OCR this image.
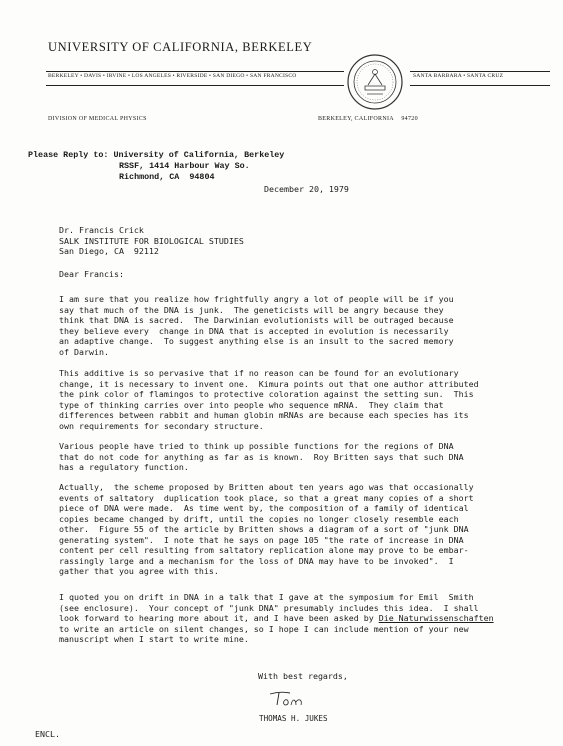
UNIVERSITY OF CALIFORNIA, BERKELEY
BERKELEY • DAVIS • IRVINE • LOS ANGELES • RIVERSIDE • SAN DIEGO • SAN FRANCISCO	SANTA BARBARA • SANTA CRUZ
DIVISION OF MEDICAL PHYSICS	BERKELEY, CALIFORNIA 94720
Please Reply to: University of California, Berkeley
RSSF, 1414 Harbour Way So.
Richmond, CA  94804
December 20, 1979
Dr. Francis Crick
SALK INSTITUTE FOR BIOLOGICAL STUDIES
San Diego, CA  92112
Dear Francis:
I am sure that you realize how frightfully angry a lot of people will be if you
say that much of the DNA is junk.  The geneticists will be angry because they
think that DNA is sacred.  The Darwinian evolutionists will be outraged because
they believe every  change in DNA that is accepted in evolution is necessarily
an adaptive change.  To suggest anything else is an insult to the sacred memory
of Darwin.
This additive is so pervasive that if no reason can be found for an evolutionary
change, it is necessary to invent one.  Kimura points out that one author attributed
the pink color of flamingos to protective coloration against the setting sun.  This
type of thinking carries over into people who sequence mRNA.  They claim that
differences between rabbit and human globin mRNAs are because each species has its
own requirements for secondary structure.
Various people have tried to think up possible functions for the regions of DNA
that do not code for anything as far as is known.  Roy Britten says that such DNA
has a regulatory function.
Actually,  the scheme proposed by Britten about ten years ago was that occasionally
events of saltatory  duplication took place, so that a great many copies of a short
piece of DNA were made.  As time went by, the composition of a family of identical
copies became changed by drift, until the copies no longer closely resemble each
other.  Figure 55 of the article by Britten shows a diagram of a sort of "junk DNA
generating system".  I note that he says on page 105 "the rate of increase in DNA
content per cell resulting from saltatory replication alone may prove to be embar-
rassingly large and a mechanism for the loss of DNA may have to be invoked".  I
gather that you agree with this.
I quoted you on drift in DNA in a talk that I gave at the symposium for Emil  Smith
(see enclosure).  Your concept of "junk DNA" presumably includes this idea.  I shall
look forward to hearing more about it, and I have been asked by Die Naturwissenschaften
to write an article on silent changes, so I hope I can include mention of your new
manuscript when I start to write mine.
With best regards,
THOMAS H. JUKES
ENCL.
